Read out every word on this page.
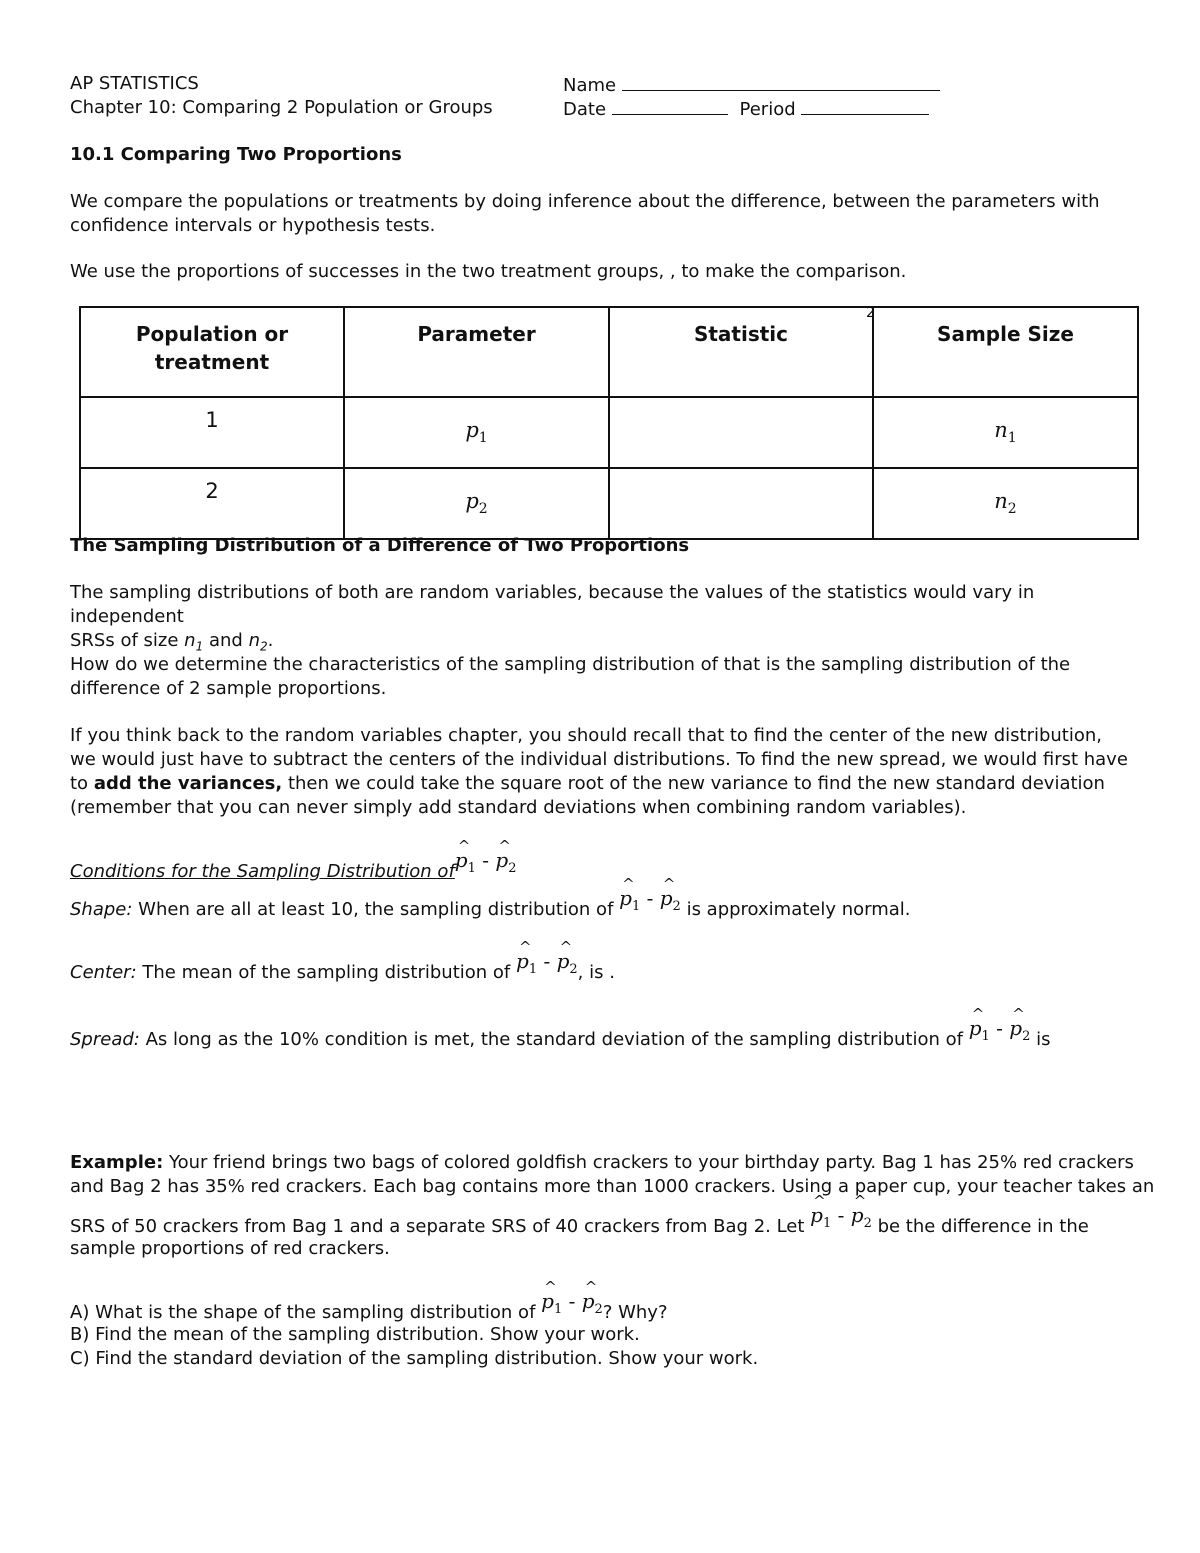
AP STATISTICS
Chapter 10: Comparing 2 Population or Groups
Name
Date	Period
10.1 Comparing Two Proportions
We compare the populations or treatments by doing inference about the difference, between the parameters with confidence intervals or hypothesis tests.
We use the proportions of successes in the two treatment groups, , to make the comparison.
2
Population or treatment	Parameter	Statistic	Sample Size
1	$p_1$		$n_1$
2	$p_2$		$n_2$
The Sampling Distribution of a Difference of Two Proportions
The sampling distributions of both are random variables, because the values of the statistics would vary in independent
SRSs of size $n_1$ and $n_2$.
How do we determine the characteristics of the sampling distribution of that is the sampling distribution of the difference of 2 sample proportions.
If you think back to the random variables chapter, you should recall that to find the center of the new distribution, we would just have to subtract the centers of the individual distributions. To find the new spread, we would first have to add the variances, then we could take the square root of the new variance to find the new standard deviation (remember that you can never simply add standard deviations when combining random variables).
Conditions for the Sampling Distribution of^ $p_1$ - ^ $p_2$
Shape: When are all at least 10, the sampling distribution of ^ $p_1$ - ^ $p_2$ is approximately normal.
Center: The mean of the sampling distribution of ^ $p_1$ - ^ $p_2$, is .
Spread: As long as the 10% condition is met, the standard deviation of the sampling distribution of ^ $p_1$ - ^ $p_2$ is
Example: Your friend brings two bags of colored goldfish crackers to your birthday party. Bag 1 has 25% red crackers
and Bag 2 has 35% red crackers. Each bag contains more than 1000 crackers. Using a paper cup, your teacher takes an
SRS of 50 crackers from Bag 1 and a separate SRS of 40 crackers from Bag 2. Let ^ $p_1$ - ^ $p_2$ be the difference in the
sample proportions of red crackers.
A) What is the shape of the sampling distribution of ^ $p_1$ - ^ $p_2$? Why?
B) Find the mean of the sampling distribution. Show your work.
C) Find the standard deviation of the sampling distribution. Show your work.
